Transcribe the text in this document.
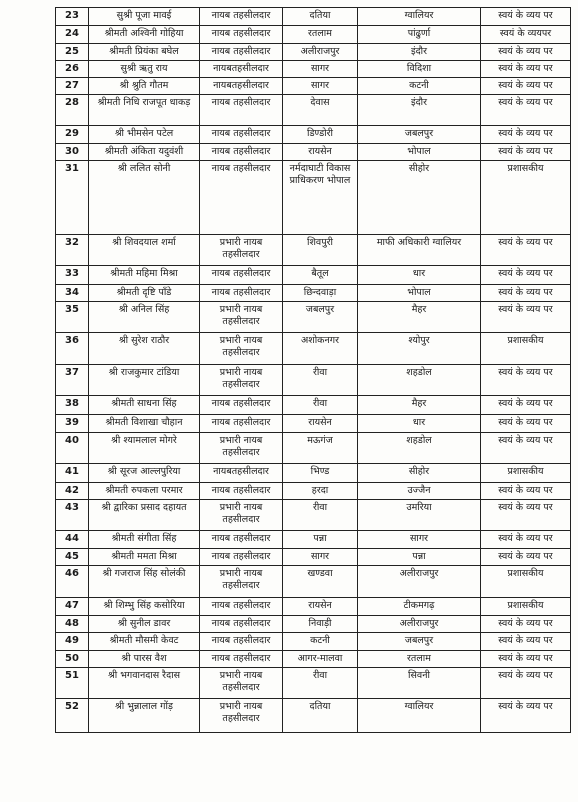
23	सुश्री पूजा मावई	नायब तहसीलदार	दतिया	ग्वालियर	स्वयं के व्यय पर
24	श्रीमती अश्विनी गोहिया	नायब तहसीलदार	रतलाम	पांढुर्णा	स्वयं के व्ययपर
25	श्रीमती प्रियंका बघेल	नायब तहसीलदार	अलीराजपुर	इंदौर	स्वयं के व्यय पर
26	सुश्री ऋतु राय	नायबतहसीलदार	सागर	विदिशा	स्वयं के व्यय पर
27	श्री श्रुति गौतम	नायबतहसीलदार	सागर	कटनी	स्वयं के व्यय पर
28	श्रीमती निधि राजपूत धाकड़	नायब तहसीलदार	देवास	इंदौर	स्वयं के व्यय पर
29	श्री भीमसेन पटेल	नायब तहसीलदार	डिण्डोरी	जबलपुर	स्वयं के व्यय पर
30	श्रीमती अंकिता यदुवंशी	नायब तहसीलदार	रायसेन	भोपाल	स्वयं के व्यय पर
31	श्री ललित सोनी	नायब तहसीलदार	नर्मदाघाटी विकास प्राधिकरण भोपाल	सीहोर	प्रशासकीय
32	श्री शिवदयाल शर्मा	प्रभारी नायब तहसीलदार	शिवपुरी	माफी अधिकारी ग्वालियर	स्वयं के व्यय पर
33	श्रीमती महिमा मिश्रा	नायब तहसीलदार	बैतूल	धार	स्वयं के व्यय पर
34	श्रीमती दृष्टि पाँडे	नायब तहसीलदार	छिन्दवाड़ा	भोपाल	स्वयं के व्यय पर
35	श्री अनिल सिंह	प्रभारी नायब तहसीलदार	जबलपुर	मैहर	स्वयं के व्यय पर
36	श्री सुरेश राठौर	प्रभारी नायब तहसीलदार	अशोकनगर	श्योपुर	प्रशासकीय
37	श्री राजकुमार टांडिया	प्रभारी नायब तहसीलदार	रीवा	शहडोल	स्वयं के व्यय पर
38	श्रीमती साधना सिंह	नायब तहसीलदार	रीवा	मैहर	स्वयं के व्यय पर
39	श्रीमती विशाखा चौहान	नायब तहसीलदार	रायसेन	धार	स्वयं के व्यय पर
40	श्री श्यामलाल मोगरे	प्रभारी नायब तहसीलदार	मऊगंज	शहडोल	स्वयं के व्यय पर
41	श्री सूरज आल्लपुरिया	नायबतहसीलदार	भिण्ड	सीहोर	प्रशासकीय
42	श्रीमती रुपकला परमार	नायब तहसीलदार	हरदा	उज्जैन	स्वयं के व्यय पर
43	श्री द्वारिका प्रसाद दहायत	प्रभारी नायब तहसीलदार	रीवा	उमरिया	स्वयं के व्यय पर
44	श्रीमती संगीता सिंह	नायब तहसीलदार	पन्ना	सागर	स्वयं के व्यय पर
45	श्रीमती ममता मिश्रा	नायब तहसीलदार	सागर	पन्ना	स्वयं के व्यय पर
46	श्री गजराज सिंह सोलंकी	प्रभारी नायब तहसीलदार	खण्डवा	अलीराजपुर	प्रशासकीय
47	श्री शिम्भु सिंह कसोरिया	नायब तहसीलदार	रायसेन	टीकमगढ़	प्रशासकीय
48	श्री सुनील डावर	नायब तहसीलदार	निवाड़ी	अलीराजपुर	स्वयं के व्यय पर
49	श्रीमती मौसमी केवट	नायब तहसीलदार	कटनी	जबलपुर	स्वयं के व्यय पर
50	श्री पारस वैश	नायब तहसीलदार	आगर-मालवा	रतलाम	स्वयं के व्यय पर
51	श्री भगवानदास रैदास	प्रभारी नायब तहसीलदार	रीवा	सिवनी	स्वयं के व्यय पर
52	श्री भुन्नालाल गोंड़	प्रभारी नायब तहसीलदार	दतिया	ग्वालियर	स्वयं के व्यय पर
